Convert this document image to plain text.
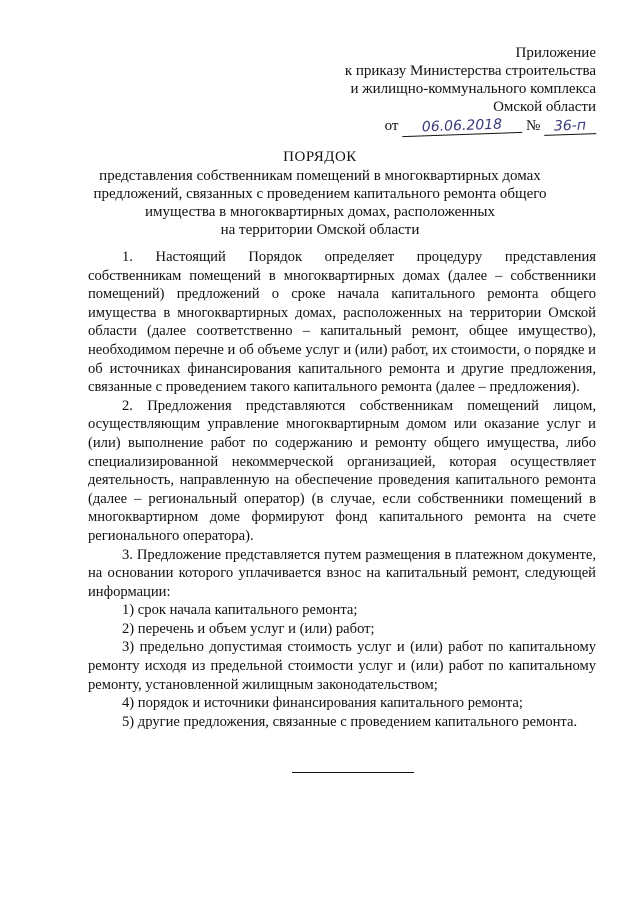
Приложение
к приказу Министерства строительства
и жилищно-коммунального комплекса
Омской области
от 06.06.2018 № 36-п
ПОРЯДОК
представления собственникам помещений в многоквартирных домах
предложений, связанных с проведением капитального ремонта общего
имущества в многоквартирных домах, расположенных
на территории Омской области

1. Настоящий Порядок определяет процедуру представления собственникам помещений в многоквартирных домах (далее – собственники помещений) предложений о сроке начала капитального ремонта общего имущества в многоквартирных домах, расположенных на территории Омской области (далее соответственно – капитальный ремонт, общее имущество), необходимом перечне и об объеме услуг и (или) работ, их стоимости, о порядке и об источниках финансирования капитального ремонта и другие предложения, связанные с проведением такого капитального ремонта (далее – предложения).

2. Предложения представляются собственникам помещений лицом, осуществляющим управление многоквартирным домом или оказание услуг и (или) выполнение работ по содержанию и ремонту общего имущества, либо специализированной некоммерческой организацией, которая осуществляет деятельность, направленную на обеспечение проведения капитального ремонта (далее – региональный оператор) (в случае, если собственники помещений в многоквартирном доме формируют фонд капитального ремонта на счете регионального оператора).

3. Предложение представляется путем размещения в платежном документе, на основании которого уплачивается взнос на капитальный ремонт, следующей информации:

1) срок начала капитального ремонта;

2) перечень и объем услуг и (или) работ;

3) предельно допустимая стоимость услуг и (или) работ по капитальному ремонту исходя из предельной стоимости услуг и (или) работ по капитальному ремонту, установленной жилищным законодательством;

4) порядок и источники финансирования капитального ремонта;

5) другие предложения, связанные с проведением капитального ремонта.
